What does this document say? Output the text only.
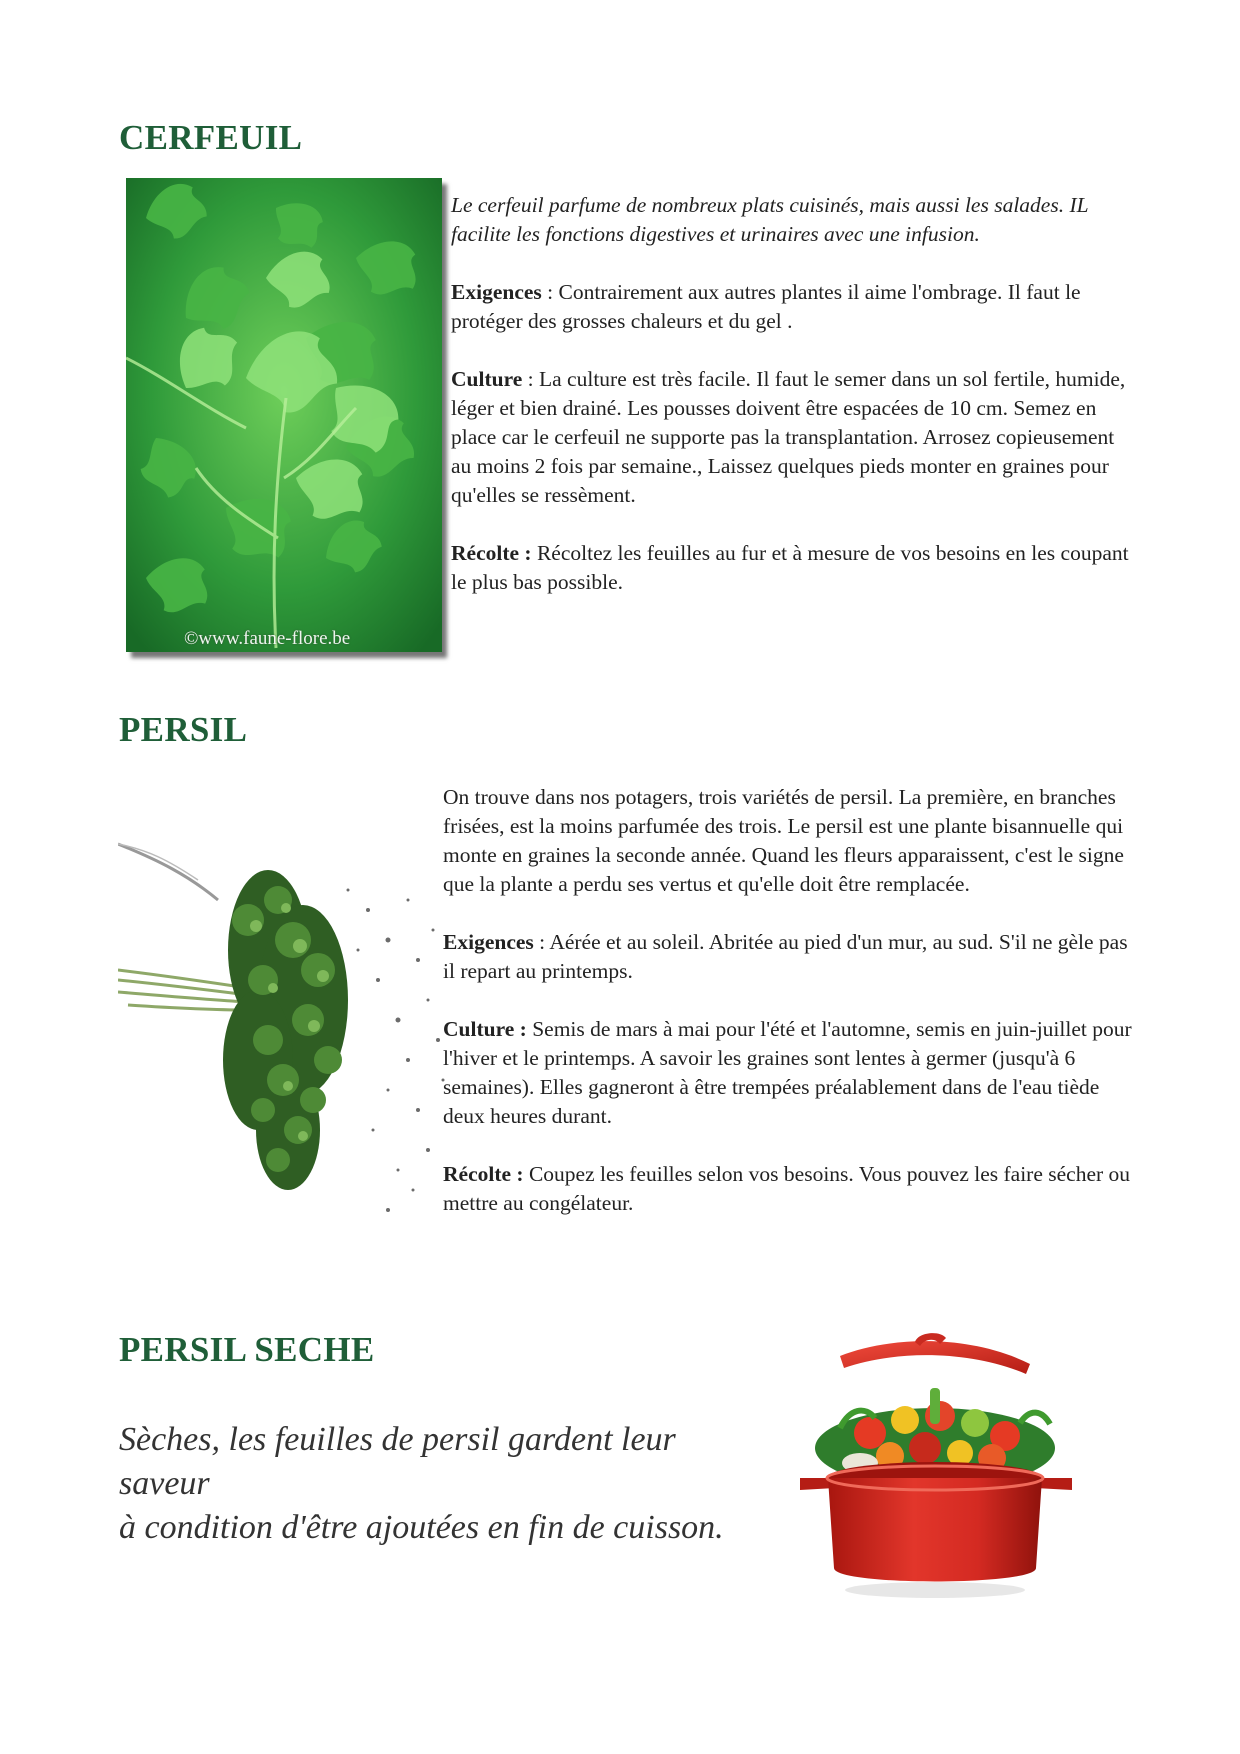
CERFEUIL
©www.faune-flore.be

Le cerfeuil parfume de nombreux plats cuisinés, mais aussi les salades. IL facilite les fonctions digestives et urinaires avec une infusion.

Exigences : Contrairement aux autres plantes il aime l'ombrage. Il faut le protéger des grosses chaleurs et du gel .

Culture : La culture est très facile. Il faut le semer dans un sol fertile, humide, léger et bien drainé. Les pousses doivent être espacées de 10 cm. Semez en place car le cerfeuil ne supporte pas la transplantation. Arrosez copieusement au moins 2 fois par semaine., Laissez quelques pieds monter en graines pour qu'elles se ressèment.

Récolte : Récoltez les feuilles au fur et à mesure de vos besoins en les coupant le plus bas possible.

PERSIL

On trouve dans nos potagers, trois variétés de persil. La première, en branches frisées, est la moins parfumée des trois. Le persil est une plante bisannuelle qui monte en graines la seconde année. Quand les fleurs apparaissent, c'est le signe que la plante a perdu ses vertus et qu'elle doit être remplacée.

Exigences : Aérée et au soleil. Abritée au pied d'un mur, au sud. S'il ne gèle pas il repart au printemps.

Culture : Semis de mars à mai pour l'été et l'automne, semis en juin-juillet pour l'hiver et le printemps. A savoir les graines sont lentes à germer (jusqu'à 6 semaines). Elles gagneront à être trempées préalablement dans de l'eau tiède deux heures durant.

Récolte : Coupez les feuilles selon vos besoins. Vous pouvez les faire sécher ou mettre au congélateur.

PERSIL SECHE
Sèches, les feuilles de persil gardent leur saveur
à condition d'être ajoutées en fin de cuisson.
